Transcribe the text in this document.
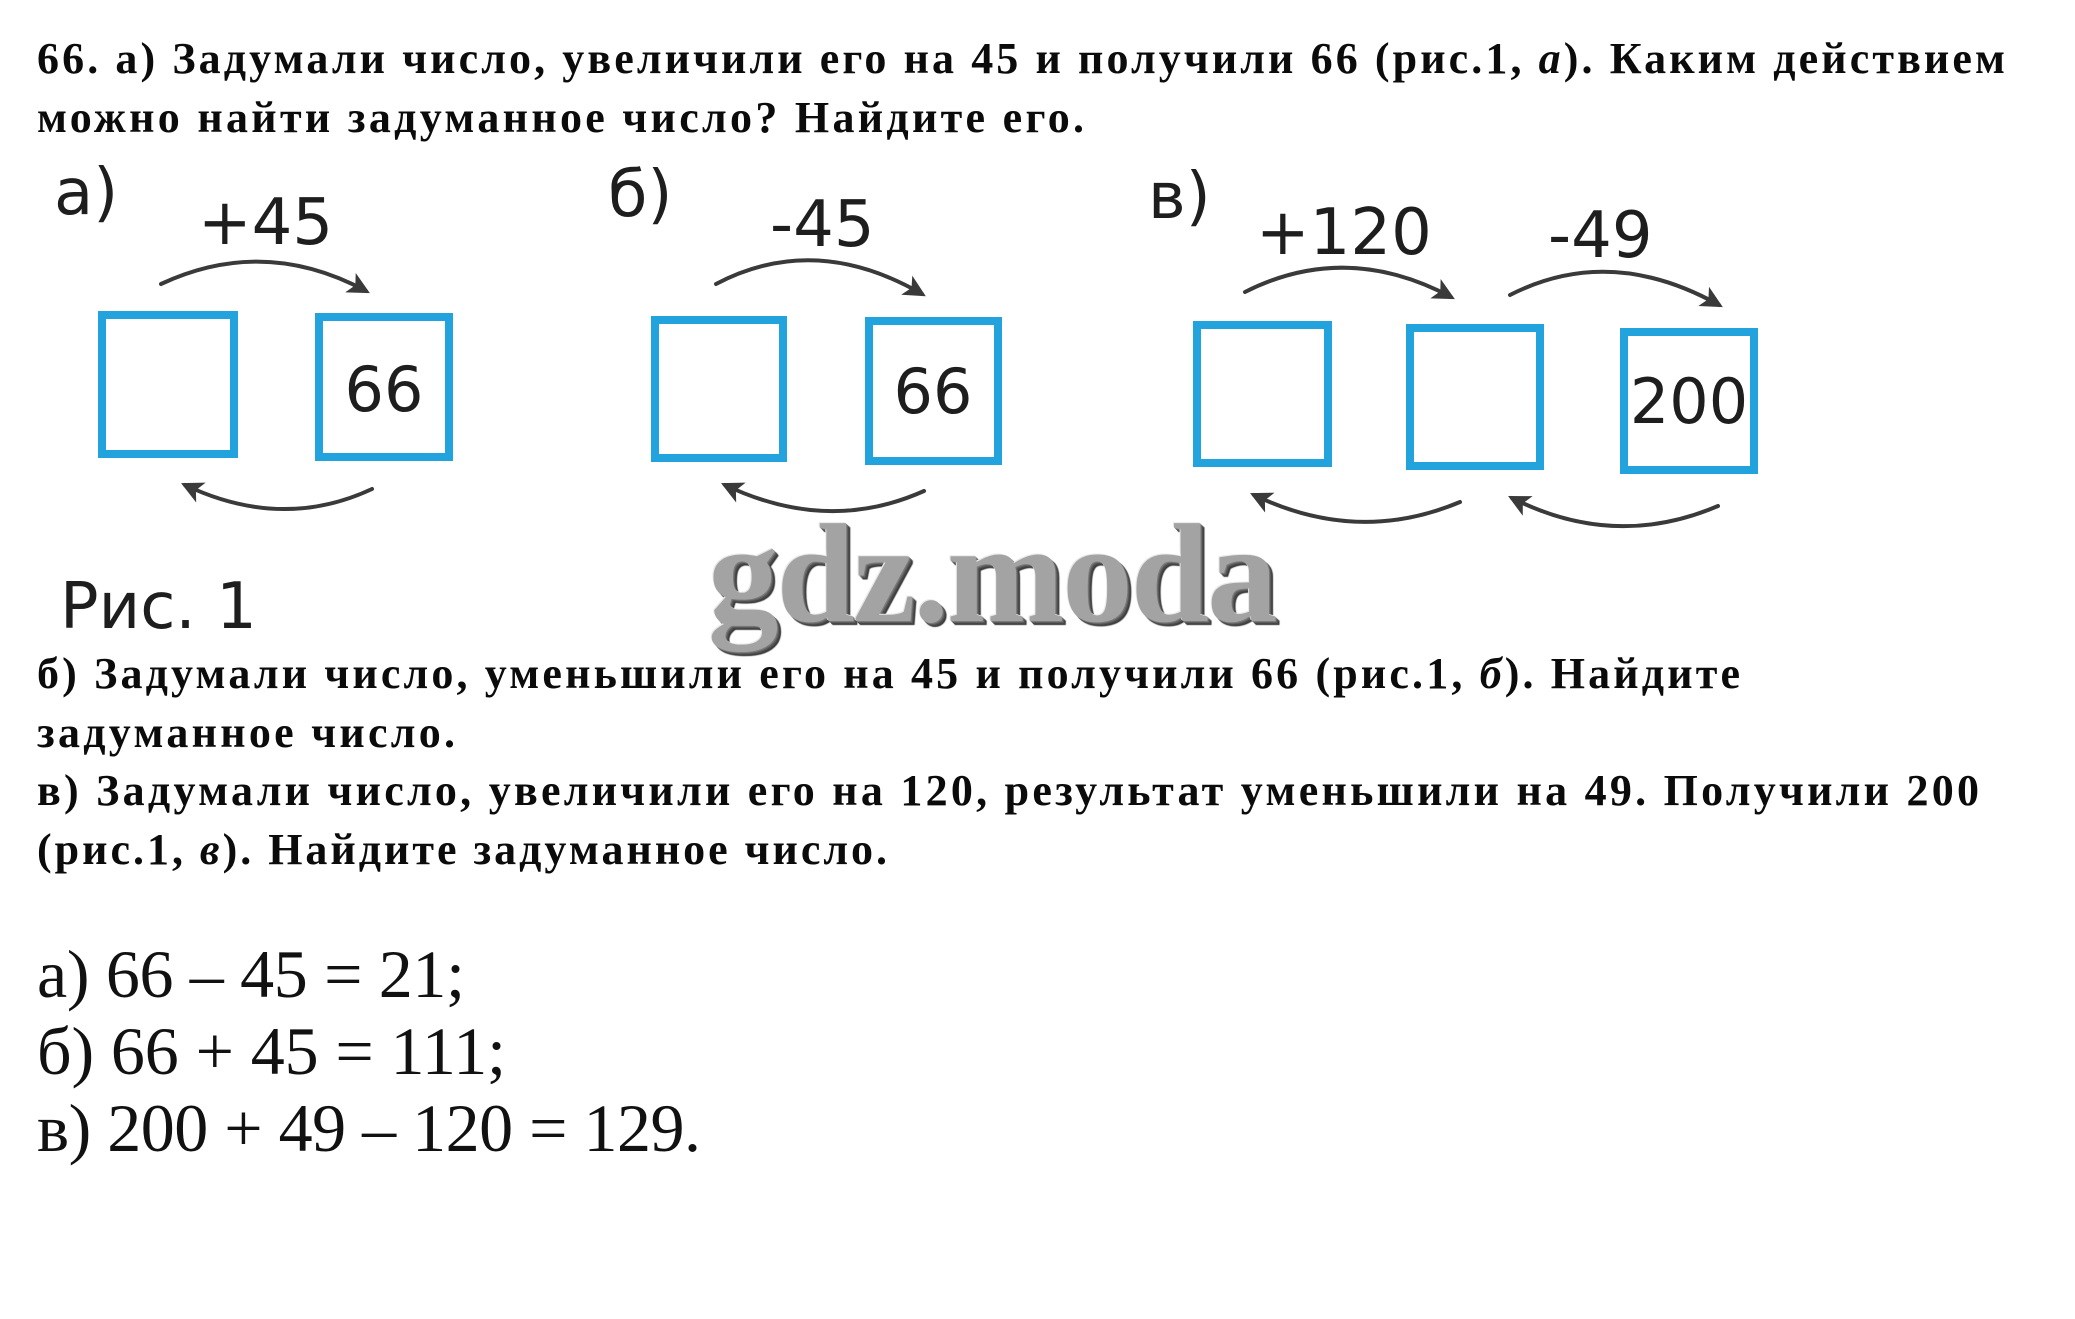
66. а) Задумали число, увеличили его на 45 и получили 66 (рис.1, а). Каким действием
можно найти задуманное число? Найдите его.
а) +45
66
б) -45
66
в) +120 -49
200
Рис. 1
б) Задумали число, уменьшили его на 45 и получили 66 (рис.1, б). Найдите
задуманное число.
в) Задумали число, увеличили его на 120, результат уменьшили на 49. Получили 200
(рис.1, в). Найдите задуманное число.
а) 66 – 45 = 21;
б) 66 + 45 = 111;
в) 200 + 49 – 120 = 129.
gdz.moda
